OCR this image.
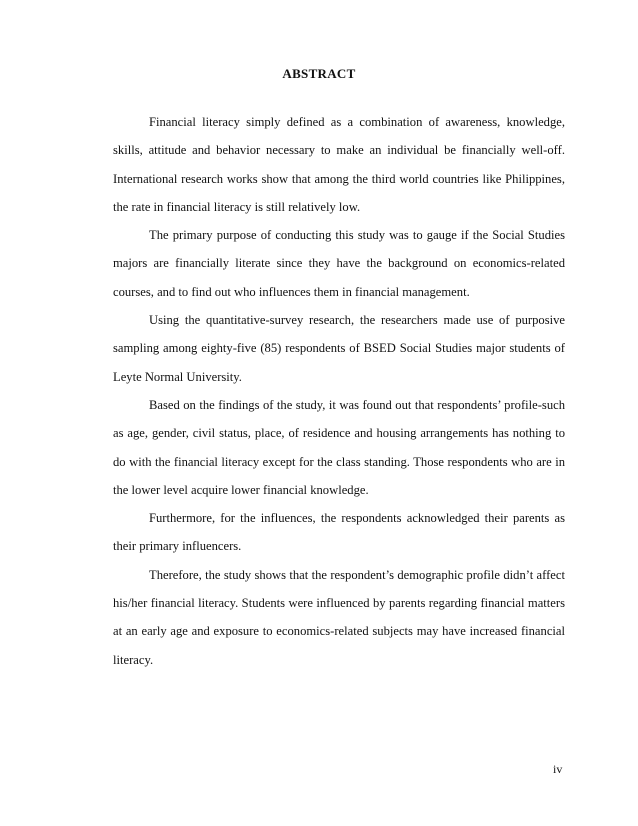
ABSTRACT

Financial literacy simply defined as a combination of awareness, knowledge, skills, attitude and behavior necessary to make an individual be financially well-off. International research works show that among the third world countries like Philippines, the rate in financial literacy is still relatively low.

The primary purpose of conducting this study was to gauge if the Social Studies majors are financially literate since they have the background on economics-related courses, and to find out who influences them in financial management.

Using the quantitative-survey research, the researchers made use of purposive sampling among eighty-five (85) respondents of BSED Social Studies major students of Leyte Normal University.

Based on the findings of the study, it was found out that respondents’ profile-such as age, gender, civil status, place, of residence and housing arrangements has nothing to do with the financial literacy except for the class standing. Those respondents who are in the lower level acquire lower financial knowledge.

Furthermore, for the influences, the respondents acknowledged their parents as their primary influencers.

Therefore, the study shows that the respondent’s demographic profile didn’t affect his/her financial literacy. Students were influenced by parents regarding financial matters at an early age and exposure to economics-related subjects may have increased financial literacy.

iv
